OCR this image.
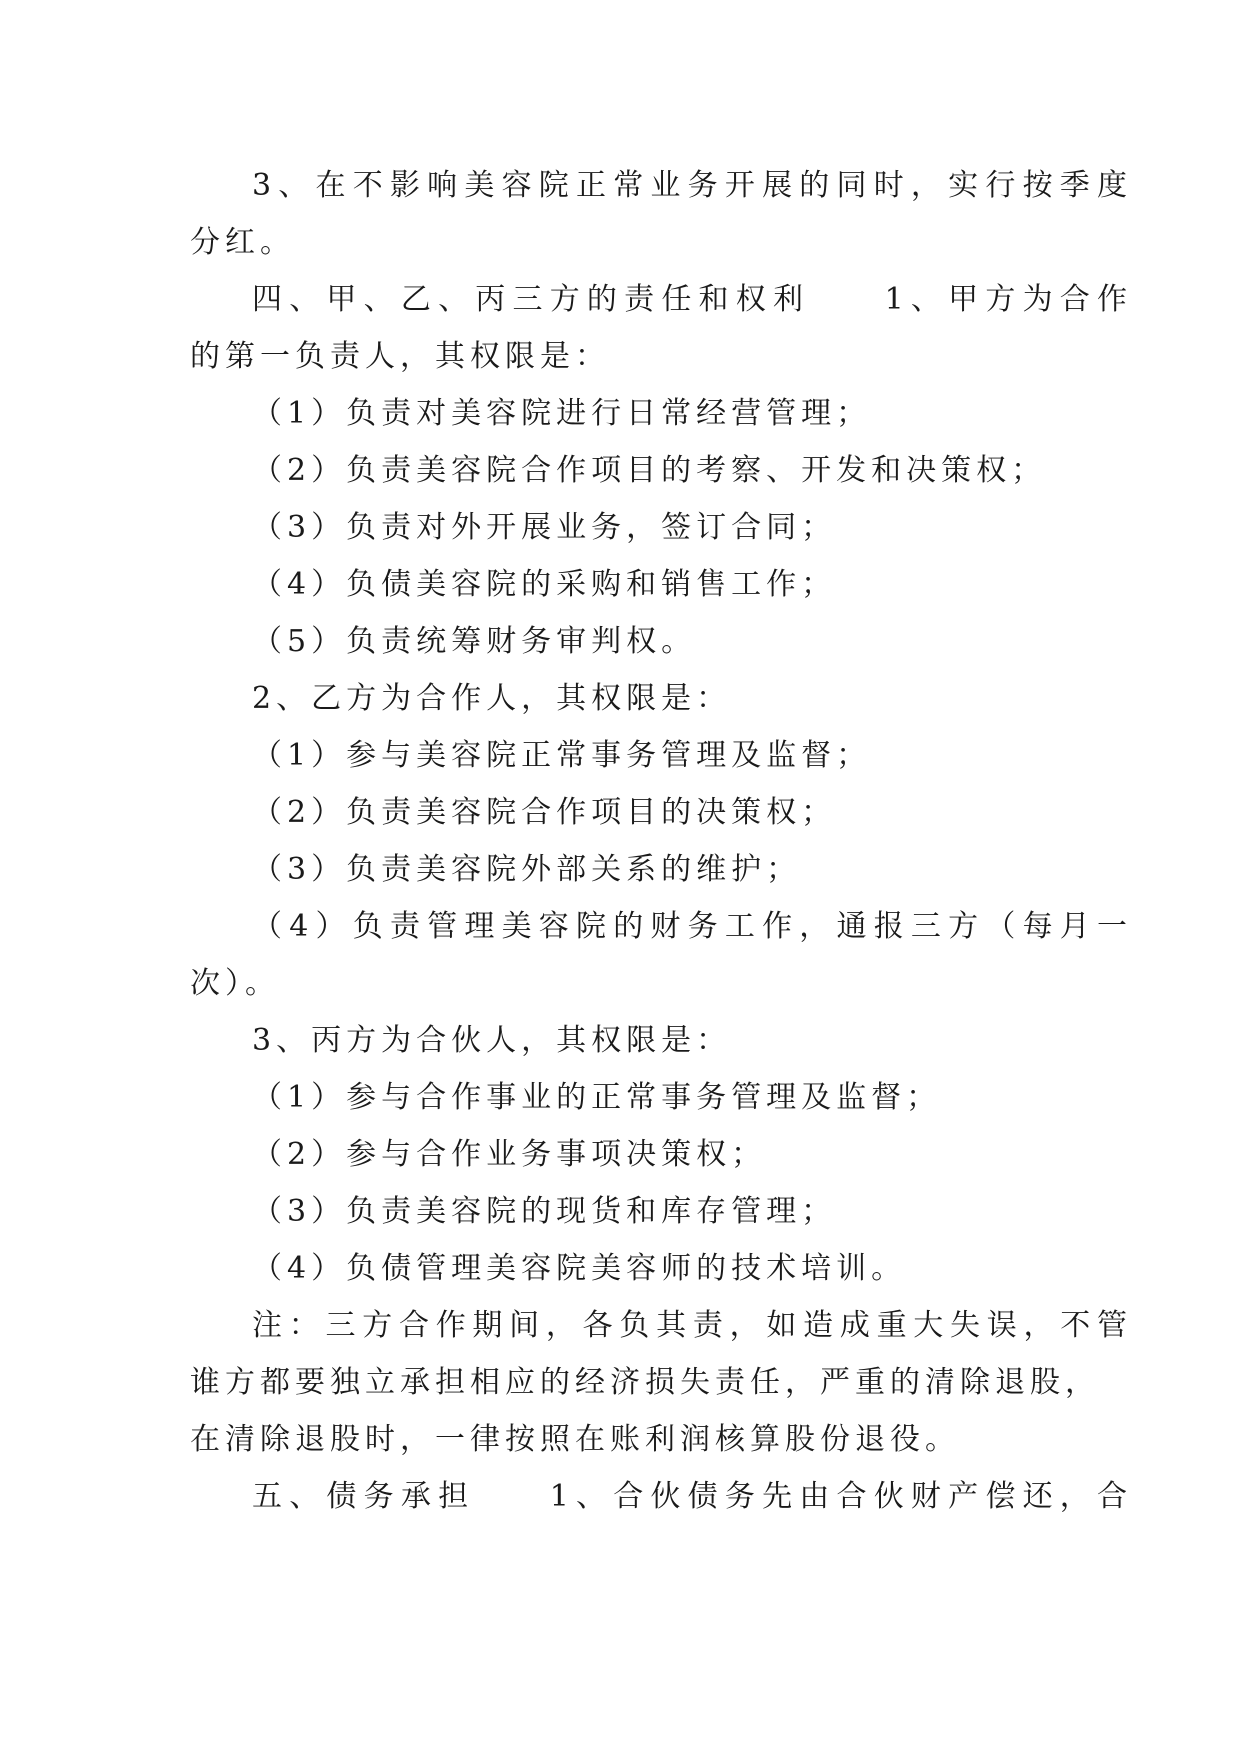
3、在不影响美容院正常业务开展的同时，实行按季度
分红。
四、甲、乙、丙三方的责任和权利　　1、甲方为合作
的第一负责人，其权限是：
（1）负责对美容院进行日常经营管理；
（2）负责美容院合作项目的考察、开发和决策权；
（3）负责对外开展业务，签订合同；
（4）负债美容院的采购和销售工作；
（5）负责统筹财务审判权。
2、乙方为合作人，其权限是：
（1）参与美容院正常事务管理及监督；
（2）负责美容院合作项目的决策权；
（3）负责美容院外部关系的维护；
（4）负责管理美容院的财务工作，通报三方（每月一
次）。
3、丙方为合伙人，其权限是：
（1）参与合作事业的正常事务管理及监督；
（2）参与合作业务事项决策权；
（3）负责美容院的现货和库存管理；
（4）负债管理美容院美容师的技术培训。
注：三方合作期间，各负其责，如造成重大失误，不管
谁方都要独立承担相应的经济损失责任，严重的清除退股，
在清除退股时，一律按照在账利润核算股份退役。
五、债务承担　　1、合伙债务先由合伙财产偿还，合
